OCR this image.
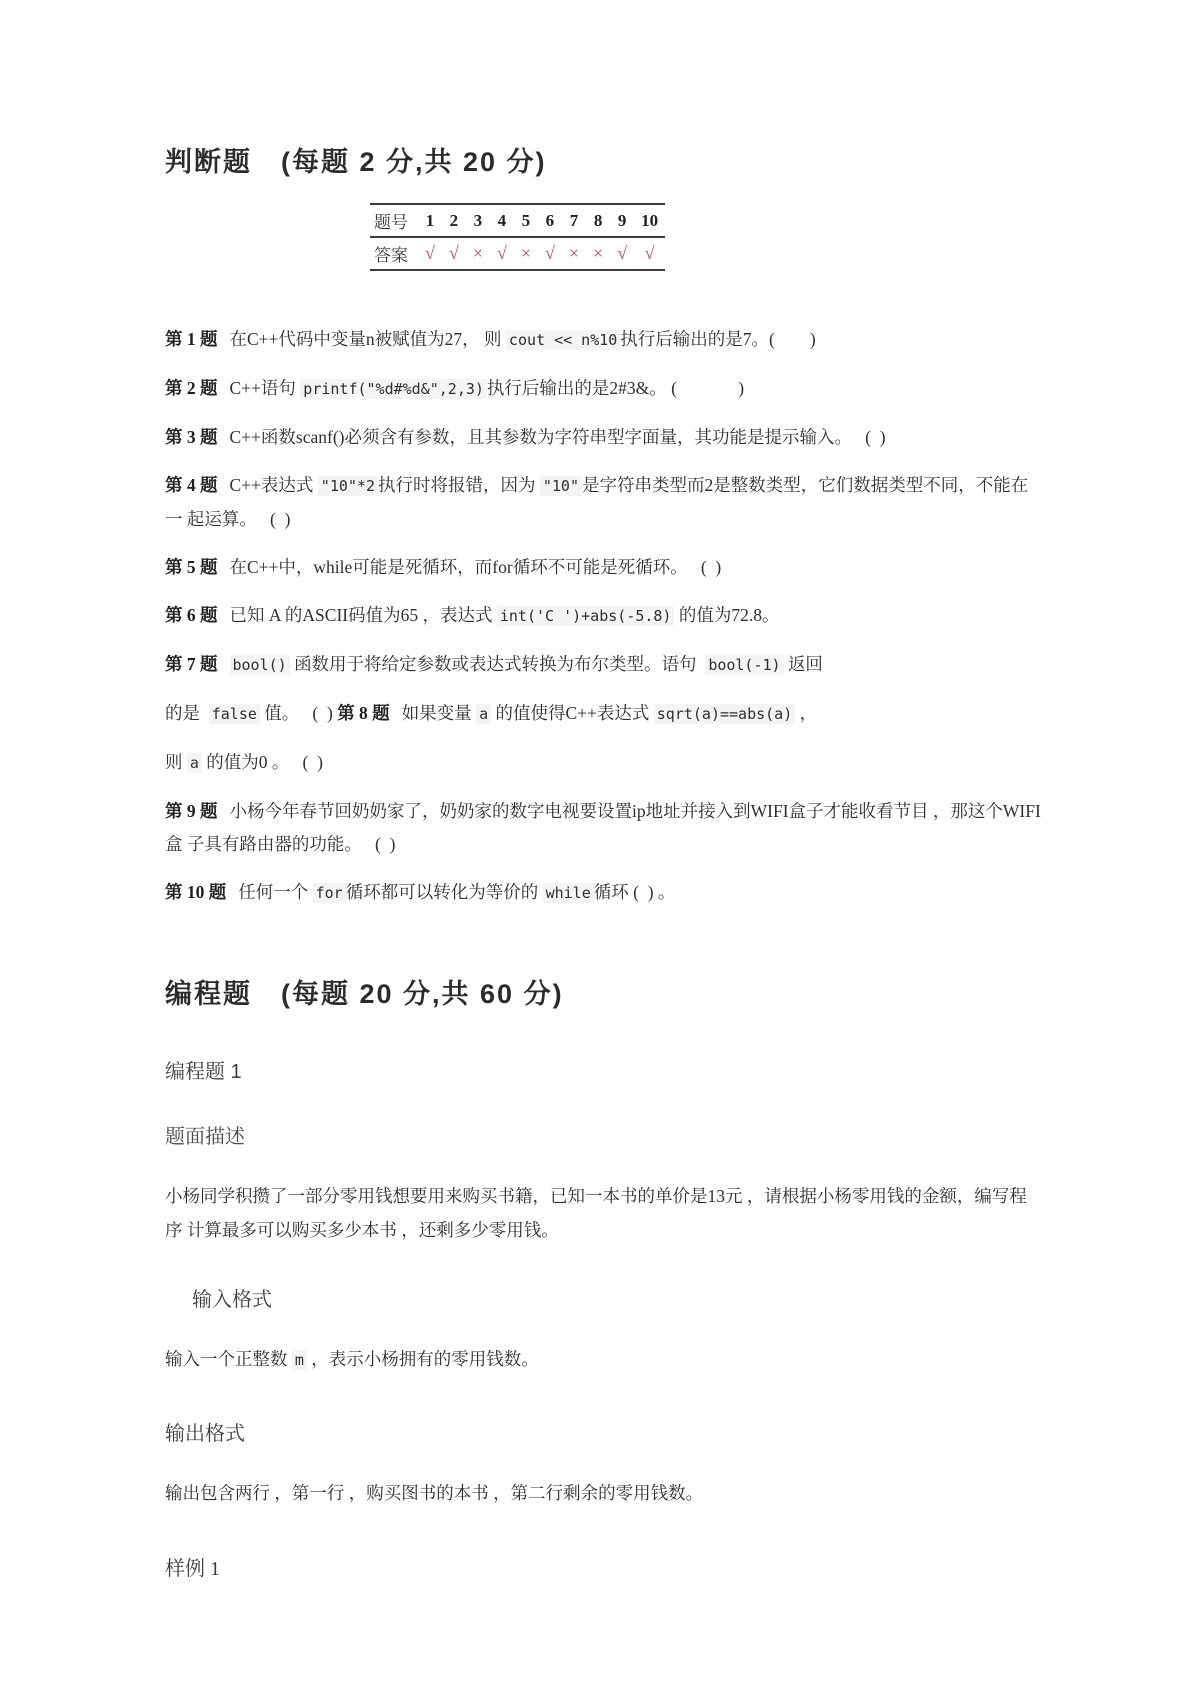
判断题　(每题 2 分,共 20 分)
题号	1	2	3	4	5	6	7	8	9	10
答案	√	√	×	√	×	√	×	×	√	√

第 1 题 在C++代码中变量n被赋值为27， 则 cout << n%10 执行后输出的是7。(        )

第 2 题 C++语句 printf("%d#%d&",2,3) 执行后输出的是2#3&。 (              )

第 3 题 C++函数scanf()必须含有参数，且其参数为字符串型字面量，其功能是提示输入。   (  )

第 4 题 C++表达式 "10"*2 执行时将报错，因为 "10" 是字符串类型而2是整数类型，它们数据类型不同，不能在一 起运算。   (  )

第 5 题 在C++中，while可能是死循环，而for循环不可能是死循环。   (  )

第 6 题 已知 A 的ASCII码值为65 ，表达式 int('C ')+abs(-5.8) 的值为72.8。

第 7 题 bool() 函数用于将给定参数或表达式转换为布尔类型。语句  bool(-1) 返回

的是  false 值。   (  ) 第 8 题 如果变量 a 的值使得C++表达式 sqrt(a)==abs(a) ，

则 a 的值为0 。   (  )

第 9 题 小杨今年春节回奶奶家了，奶奶家的数字电视要设置ip地址并接入到WIFI盒子才能收看节目 ，那这个WIFI盒 子具有路由器的功能。   (  )

第 10 题 任何一个 for 循环都可以转化为等价的 while 循环 (  ) 。

编程题　(每题 20 分,共 60 分)
编程题 1
题面描述

小杨同学积攒了一部分零用钱想要用来购买书籍，已知一本书的单价是13元 ，请根据小杨零用钱的金额，编写程序 计算最多可以购买多少本书 ，还剩多少零用钱。

输入格式

输入一个正整数 m ，表示小杨拥有的零用钱数。

输出格式

输出包含两行 ，第一行 ，购买图书的本书 ，第二行剩余的零用钱数。

样例 1
